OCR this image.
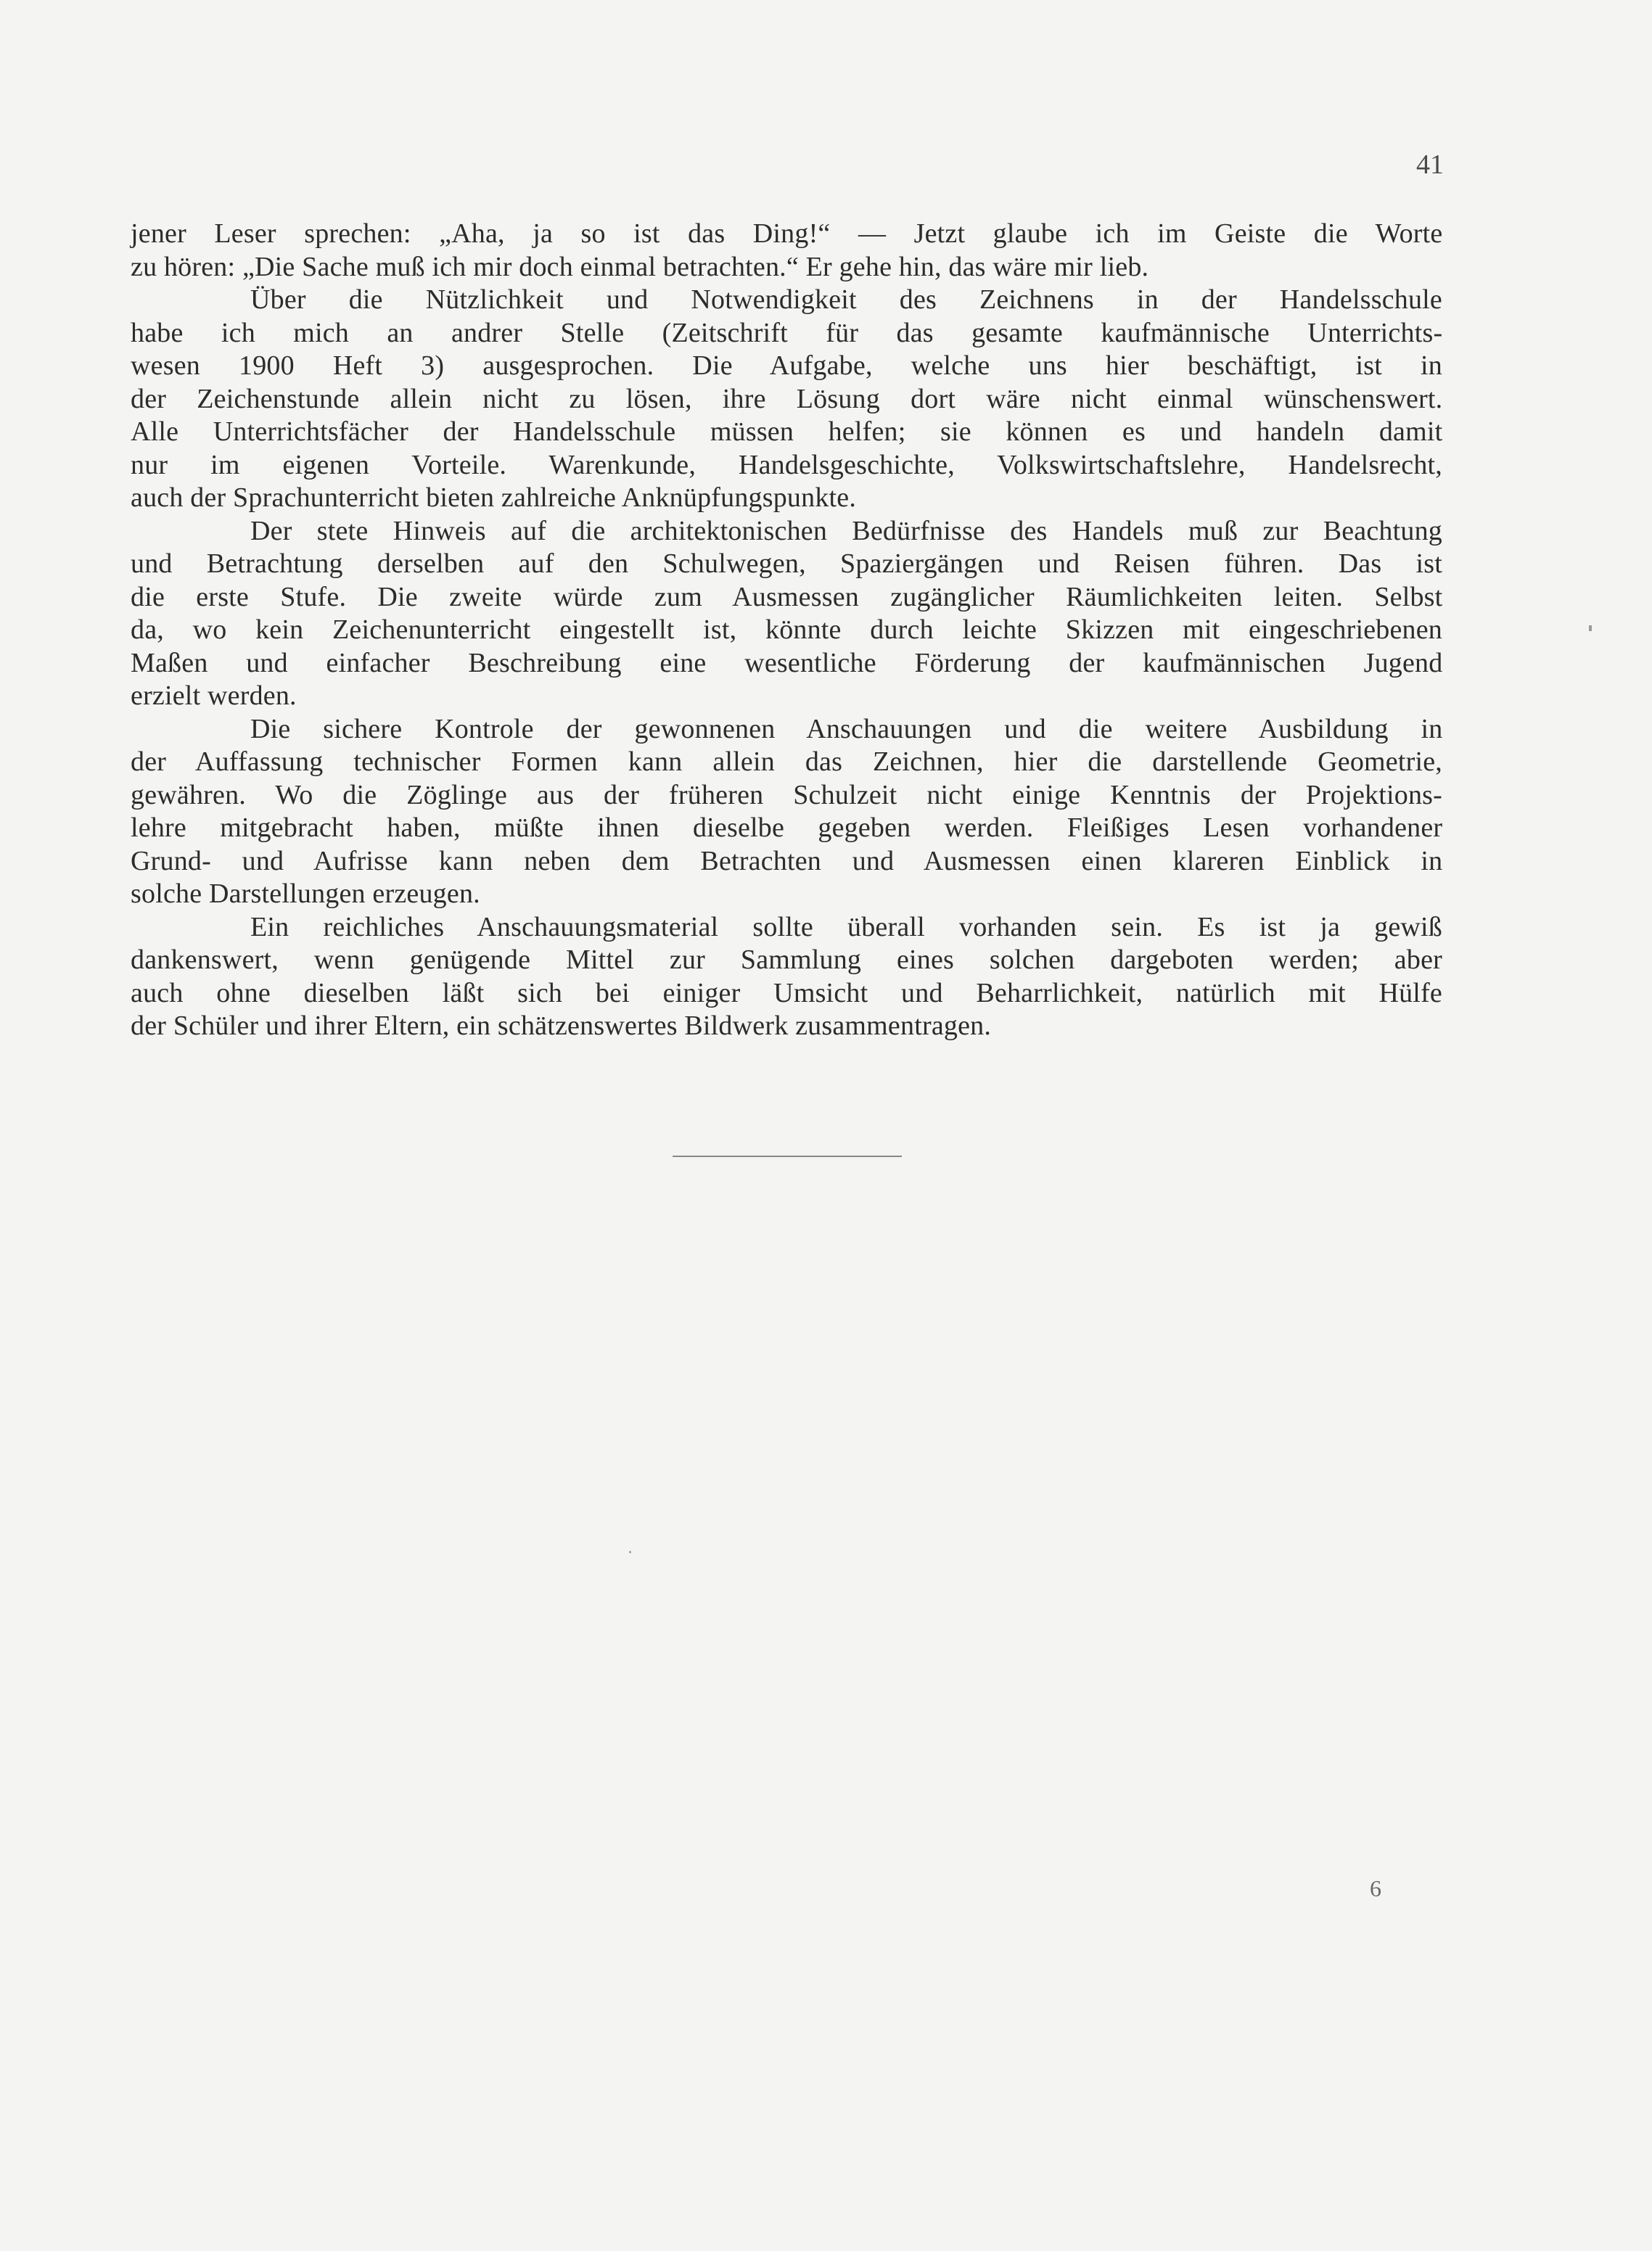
41

jener Leser sprechen: „Aha, ja so ist das Ding!“ — Jetzt glaube ich im Geiste die Worte
zu hören: „Die Sache muß ich mir doch einmal betrachten.“ Er gehe hin, das wäre mir lieb.

Über die Nützlichkeit und Notwendigkeit des Zeichnens in der Handelsschule
habe ich mich an andrer Stelle (Zeitschrift für das gesamte kaufmännische Unterrichts-
wesen 1900 Heft 3) ausgesprochen. Die Aufgabe, welche uns hier beschäftigt, ist in
der Zeichenstunde allein nicht zu lösen, ihre Lösung dort wäre nicht einmal wünschenswert.
Alle Unterrichtsfächer der Handelsschule müssen helfen; sie können es und handeln damit
nur im eigenen Vorteile. Warenkunde, Handelsgeschichte, Volkswirtschaftslehre, Handelsrecht,
auch der Sprachunterricht bieten zahlreiche Anknüpfungspunkte.

Der stete Hinweis auf die architektonischen Bedürfnisse des Handels muß zur Beachtung
und Betrachtung derselben auf den Schulwegen, Spaziergängen und Reisen führen. Das ist
die erste Stufe. Die zweite würde zum Ausmessen zugänglicher Räumlichkeiten leiten. Selbst
da, wo kein Zeichenunterricht eingestellt ist, könnte durch leichte Skizzen mit eingeschriebenen
Maßen und einfacher Beschreibung eine wesentliche Förderung der kaufmännischen Jugend
erzielt werden.

Die sichere Kontrole der gewonnenen Anschauungen und die weitere Ausbildung in
der Auffassung technischer Formen kann allein das Zeichnen, hier die darstellende Geometrie,
gewähren. Wo die Zöglinge aus der früheren Schulzeit nicht einige Kenntnis der Projektions-
lehre mitgebracht haben, müßte ihnen dieselbe gegeben werden. Fleißiges Lesen vorhandener
Grund- und Aufrisse kann neben dem Betrachten und Ausmessen einen klareren Einblick in
solche Darstellungen erzeugen.

Ein reichliches Anschauungsmaterial sollte überall vorhanden sein. Es ist ja gewiß
dankenswert, wenn genügende Mittel zur Sammlung eines solchen dargeboten werden; aber
auch ohne dieselben läßt sich bei einiger Umsicht und Beharrlichkeit, natürlich mit Hülfe
der Schüler und ihrer Eltern, ein schätzenswertes Bildwerk zusammentragen.

6
